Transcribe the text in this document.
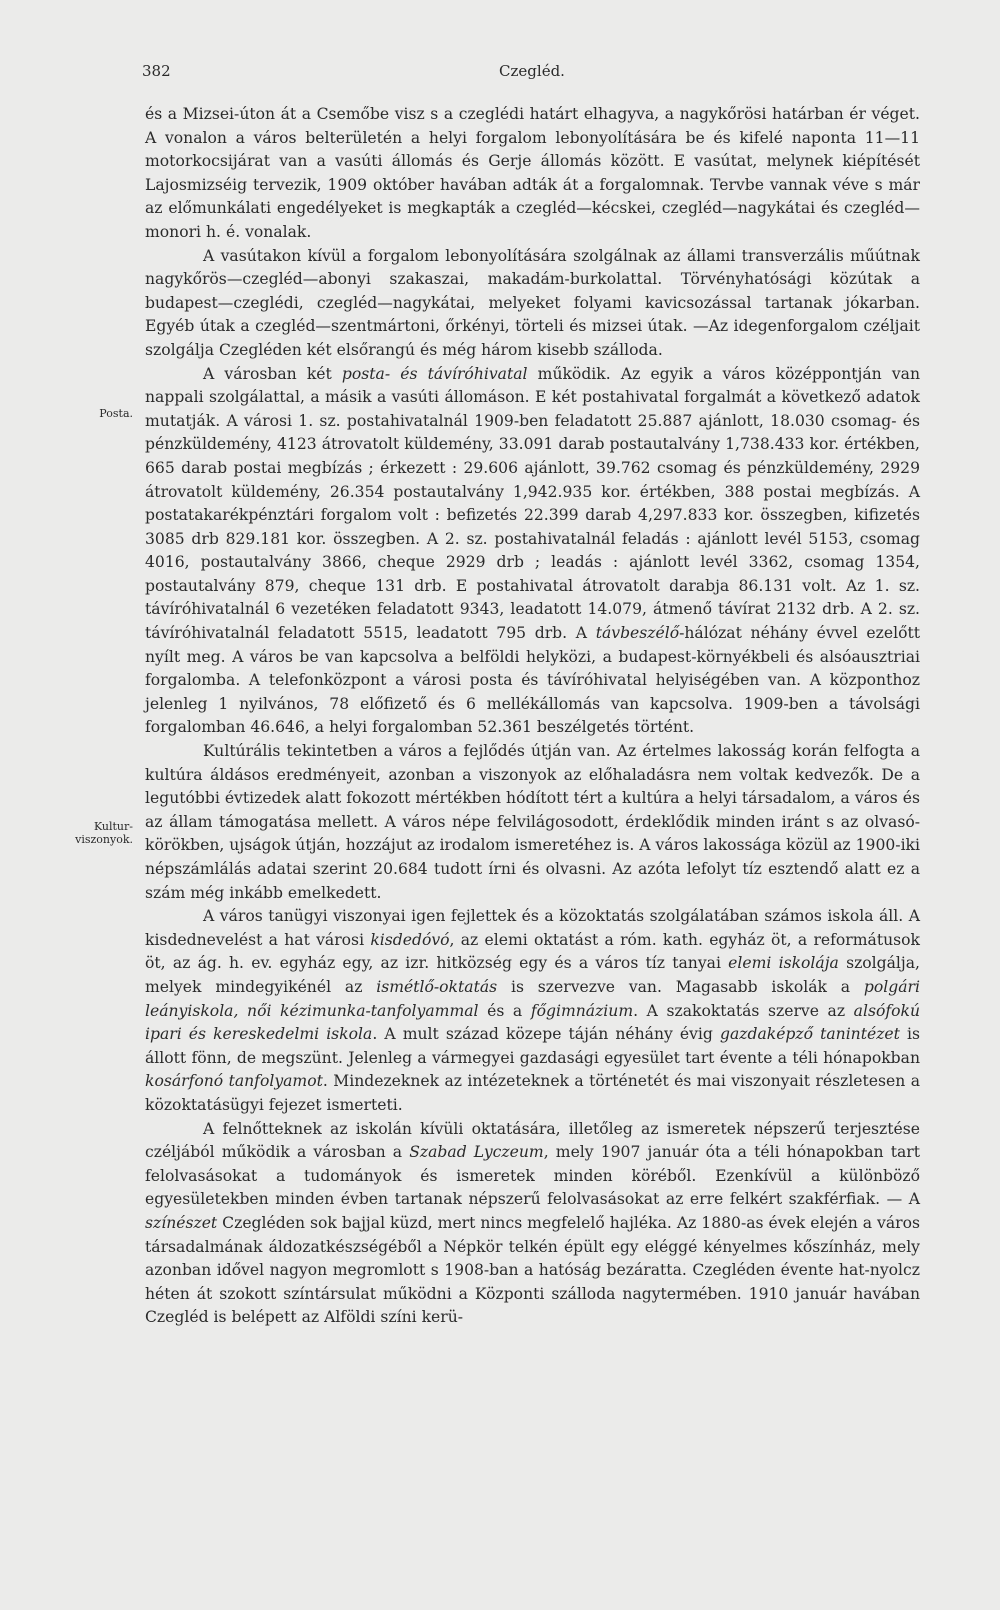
382	Czegléd.
Posta.
Kultur-viszonyok.

és a Mizsei-úton át a Csemőbe visz s a czeglédi határt elhagyva, a nagykőrösi határban ér véget. A vonalon a város belterületén a helyi forgalom lebonyolítására be és kifelé naponta 11—11 motorkocsijárat van a vasúti állomás és Gerje állomás között. E vasútat, melynek kiépítését Lajosmizséig tervezik, 1909 október havában adták át a forgalomnak. Tervbe vannak véve s már az előmunkálati engedélyeket is megkapták a czegléd—kécskei, czegléd—nagykátai és czegléd—monori h. é. vonalak.

A vasútakon kívül a forgalom lebonyolítására szolgálnak az állami transverzális műútnak nagykőrös—czegléd—abonyi szakaszai, makadám-burkolattal. Törvényhatósági közútak a budapest—czeglédi, czegléd—nagykátai, melyeket folyami kavicsozással tartanak jókarban. Egyéb útak a czegléd—szentmártoni, őrkényi, törteli és mizsei útak. —Az idegenforgalom czéljait szolgálja Czegléden két elsőrangú és még három kisebb szálloda.

A városban két posta- és távíróhivatal működik. Az egyik a város középpontján van nappali szolgálattal, a másik a vasúti állomáson. E két postahivatal forgalmát a következő adatok mutatják. A városi 1. sz. postahivatalnál 1909-ben feladatott 25.887 ajánlott, 18.030 csomag- és pénzküldemény, 4123 átrovatolt küldemény, 33.091 darab postautalvány 1,738.433 kor. értékben, 665 darab postai megbízás ; érkezett : 29.606 ajánlott, 39.762 csomag és pénzküldemény, 2929 átrovatolt küldemény, 26.354 postautalvány 1,942.935 kor. értékben, 388 postai megbízás. A postatakarékpénztári forgalom volt : befizetés 22.399 darab 4,297.833 kor. összegben, kifizetés 3085 drb 829.181 kor. összegben. A 2. sz. postahivatalnál feladás : ajánlott levél 5153, csomag 4016, postautalvány 3866, cheque 2929 drb ; leadás : ajánlott levél 3362, csomag 1354, postautalvány 879, cheque 131 drb. E postahivatal átrovatolt darabja 86.131 volt. Az 1. sz. távíróhivatalnál 6 vezetéken feladatott 9343, leadatott 14.079, átmenő távírat 2132 drb. A 2. sz. távíróhivatalnál feladatott 5515, leadatott 795 drb. A távbeszélő-hálózat néhány évvel ezelőtt nyílt meg. A város be van kapcsolva a belföldi helyközi, a budapest-környékbeli és alsóausztriai forgalomba. A telefonközpont a városi posta és távíróhivatal helyiségében van. A központhoz jelenleg 1 nyilvános, 78 előfizető és 6 mellékállomás van kapcsolva. 1909-ben a távolsági forgalomban 46.646, a helyi forgalomban 52.361 beszélgetés történt.

Kultúrális tekintetben a város a fejlődés útján van. Az értelmes lakosság korán felfogta a kultúra áldásos eredményeit, azonban a viszonyok az előhaladásra nem voltak kedvezők. De a legutóbbi évtizedek alatt fokozott mértékben hódított tért a kultúra a helyi társadalom, a város és az állam támogatása mellett. A város népe felvilágosodott, érdeklődik minden iránt s az olvasó-körökben, ujságok útján, hozzájut az irodalom ismeretéhez is. A város lakossága közül az 1900-iki népszámlálás adatai szerint 20.684 tudott írni és olvasni. Az azóta lefolyt tíz esztendő alatt ez a szám még inkább emelkedett.

A város tanügyi viszonyai igen fejlettek és a közoktatás szolgálatában számos iskola áll. A kisdednevelést a hat városi kisdedóvó, az elemi oktatást a róm. kath. egyház öt, a reformátusok öt, az ág. h. ev. egyház egy, az izr. hitközség egy és a város tíz tanyai elemi iskolája szolgálja, melyek mindegyikénél az ismétlő-oktatás is szervezve van. Magasabb iskolák a polgári leányiskola, női kézimunka-tanfolyammal és a főgimnázium. A szakoktatás szerve az alsófokú ipari és kereskedelmi iskola. A mult század közepe táján néhány évig gazdaképző tanintézet is állott fönn, de megszünt. Jelenleg a vármegyei gazdasági egyesület tart évente a téli hónapokban kosárfonó tanfolyamot. Mindezeknek az intézeteknek a történetét és mai viszonyait részletesen a közoktatásügyi fejezet ismerteti.

A felnőtteknek az iskolán kívüli oktatására, illetőleg az ismeretek népszerű terjesztése czéljából működik a városban a Szabad Lyczeum, mely 1907 január óta a téli hónapokban tart felolvasásokat a tudományok és ismeretek minden köréből. Ezenkívül a különböző egyesületekben minden évben tartanak népszerű felolvasásokat az erre felkért szakférfiak. — A színészet Czegléden sok bajjal küzd, mert nincs megfelelő hajléka. Az 1880-as évek elején a város társadalmának áldozatkészségéből a Népkör telkén épült egy eléggé kényelmes kőszínház, mely azonban idővel nagyon megromlott s 1908-ban a hatóság bezáratta. Czegléden évente hat-nyolcz héten át szokott színtársulat működni a Központi szálloda nagytermében. 1910 január havában Czegléd is belépett az Alföldi színi kerü-
